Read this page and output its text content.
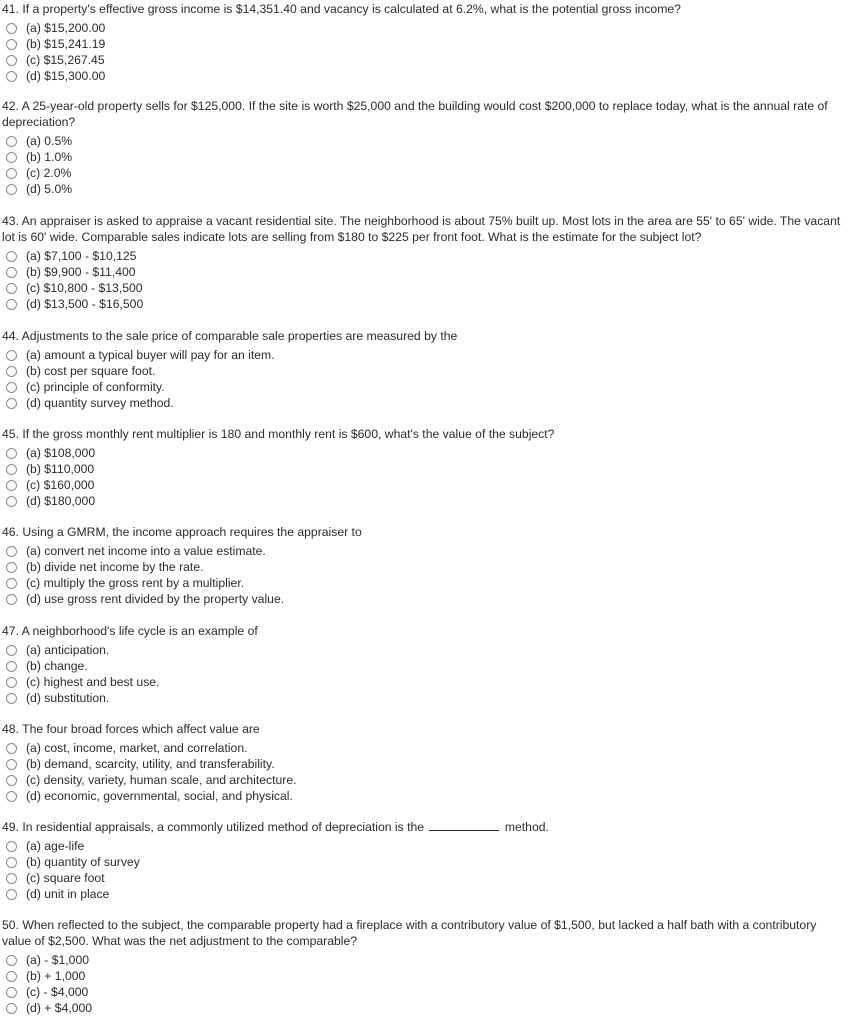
41. If a property's effective gross income is $14,351.40 and vacancy is calculated at 6.2%, what is the potential gross income?

(a) $15,200.00
(b) $15,241.19
(c) $15,267.45
(d) $15,300.00

42. A 25-year-old property sells for $125,000. If the site is worth $25,000 and the building would cost $200,000 to replace today, what is the annual rate of depreciation?

(a) 0.5%
(b) 1.0%
(c) 2.0%
(d) 5.0%

43. An appraiser is asked to appraise a vacant residential site. The neighborhood is about 75% built up. Most lots in the area are 55' to 65' wide. The vacant lot is 60' wide. Comparable sales indicate lots are selling from $180 to $225 per front foot. What is the estimate for the subject lot?

(a) $7,100 - $10,125
(b) $9,900 - $11,400
(c) $10,800 - $13,500
(d) $13,500 - $16,500

44. Adjustments to the sale price of comparable sale properties are measured by the

(a) amount a typical buyer will pay for an item.
(b) cost per square foot.
(c) principle of conformity.
(d) quantity survey method.

45. If the gross monthly rent multiplier is 180 and monthly rent is $600, what's the value of the subject?

(a) $108,000
(b) $110,000
(c) $160,000
(d) $180,000

46. Using a GMRM, the income approach requires the appraiser to

(a) convert net income into a value estimate.
(b) divide net income by the rate.
(c) multiply the gross rent by a multiplier.
(d) use gross rent divided by the property value.

47. A neighborhood's life cycle is an example of

(a) anticipation.
(b) change.
(c) highest and best use.
(d) substitution.

48. The four broad forces which affect value are

(a) cost, income, market, and correlation.
(b) demand, scarcity, utility, and transferability.
(c) density, variety, human scale, and architecture.
(d) economic, governmental, social, and physical.

49. In residential appraisals, a commonly utilized method of depreciation is the	method.

(a) age-life
(b) quantity of survey
(c) square foot
(d) unit in place

50. When reflected to the subject, the comparable property had a fireplace with a contributory value of $1,500, but lacked a half bath with a contributory value of $2,500. What was the net adjustment to the comparable?

(a) - $1,000
(b) + 1,000
(c) - $4,000
(d) + $4,000
